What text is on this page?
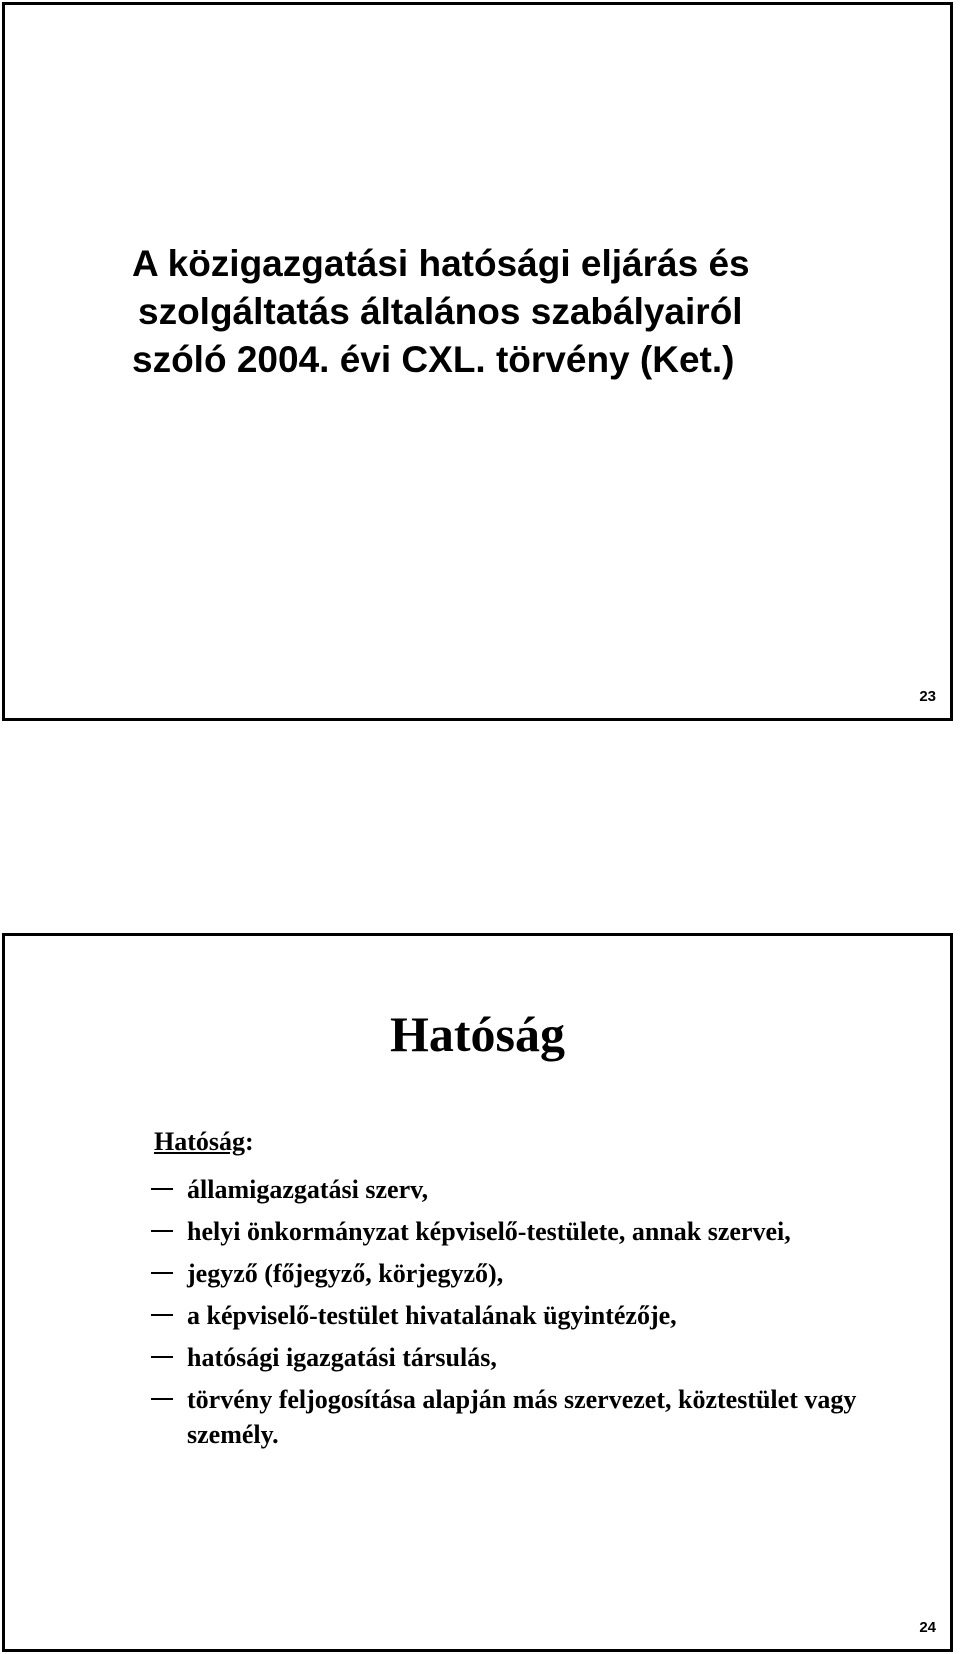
A közigazgatási hatósági eljárás és
szolgáltatás általános szabályairól
szóló 2004. évi CXL. törvény (Ket.)
23
Hatóság
Hatóság:
államigazgatási szerv,
helyi önkormányzat képviselő-testülete, annak szervei,
jegyző (főjegyző, körjegyző),
a képviselő-testület hivatalának ügyintézője,
hatósági igazgatási társulás,
törvény feljogosítása alapján más szervezet, köztestület vagy személy.
24
